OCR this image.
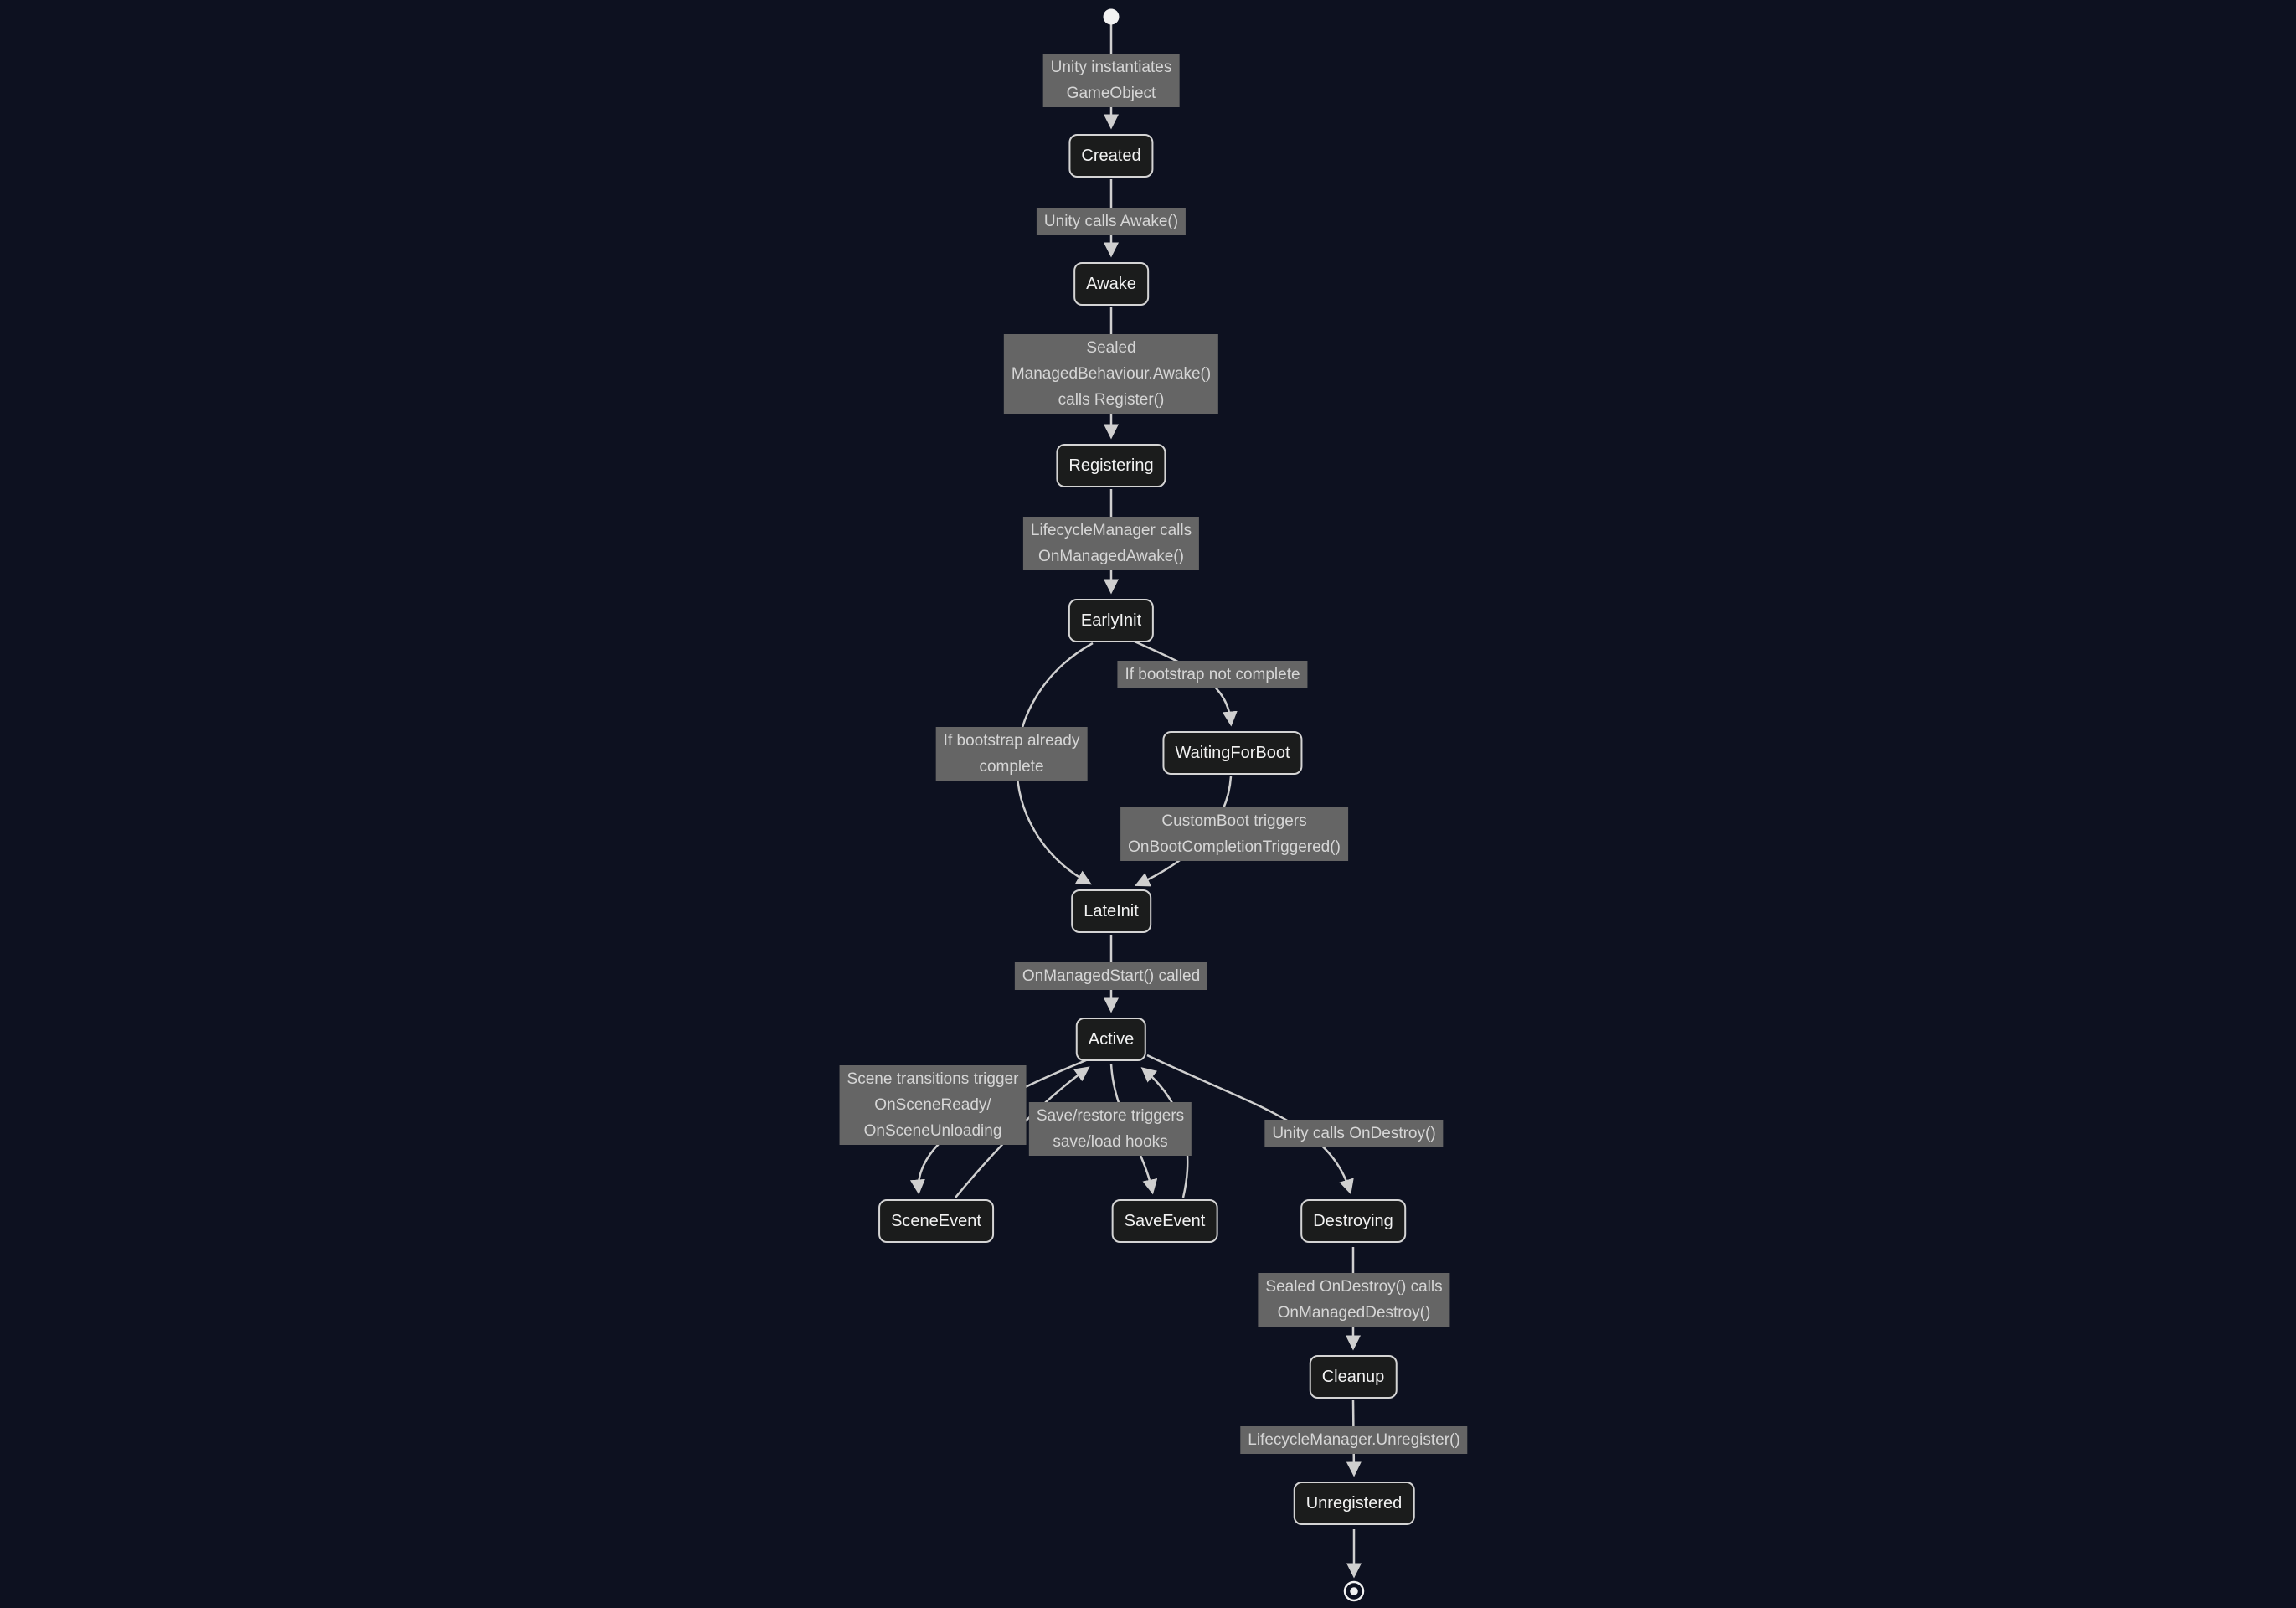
Unity instantiates
GameObject
Unity calls Awake()
Sealed
ManagedBehaviour.Awake()
calls Register()
LifecycleManager calls
OnManagedAwake()
If bootstrap not complete
If bootstrap already
complete
CustomBoot triggers
OnBootCompletionTriggered()
OnManagedStart() called
Scene transitions trigger
OnSceneReady/
OnSceneUnloading
Save/restore triggers
save/load hooks	Unity calls OnDestroy()
Sealed OnDestroy() calls
OnManagedDestroy()
LifecycleManager.Unregister()
Created
Awake
Registering
EarlyInit
WaitingForBoot
LateInit
Active
SceneEvent	SaveEvent	Destroying
Cleanup
Unregistered
